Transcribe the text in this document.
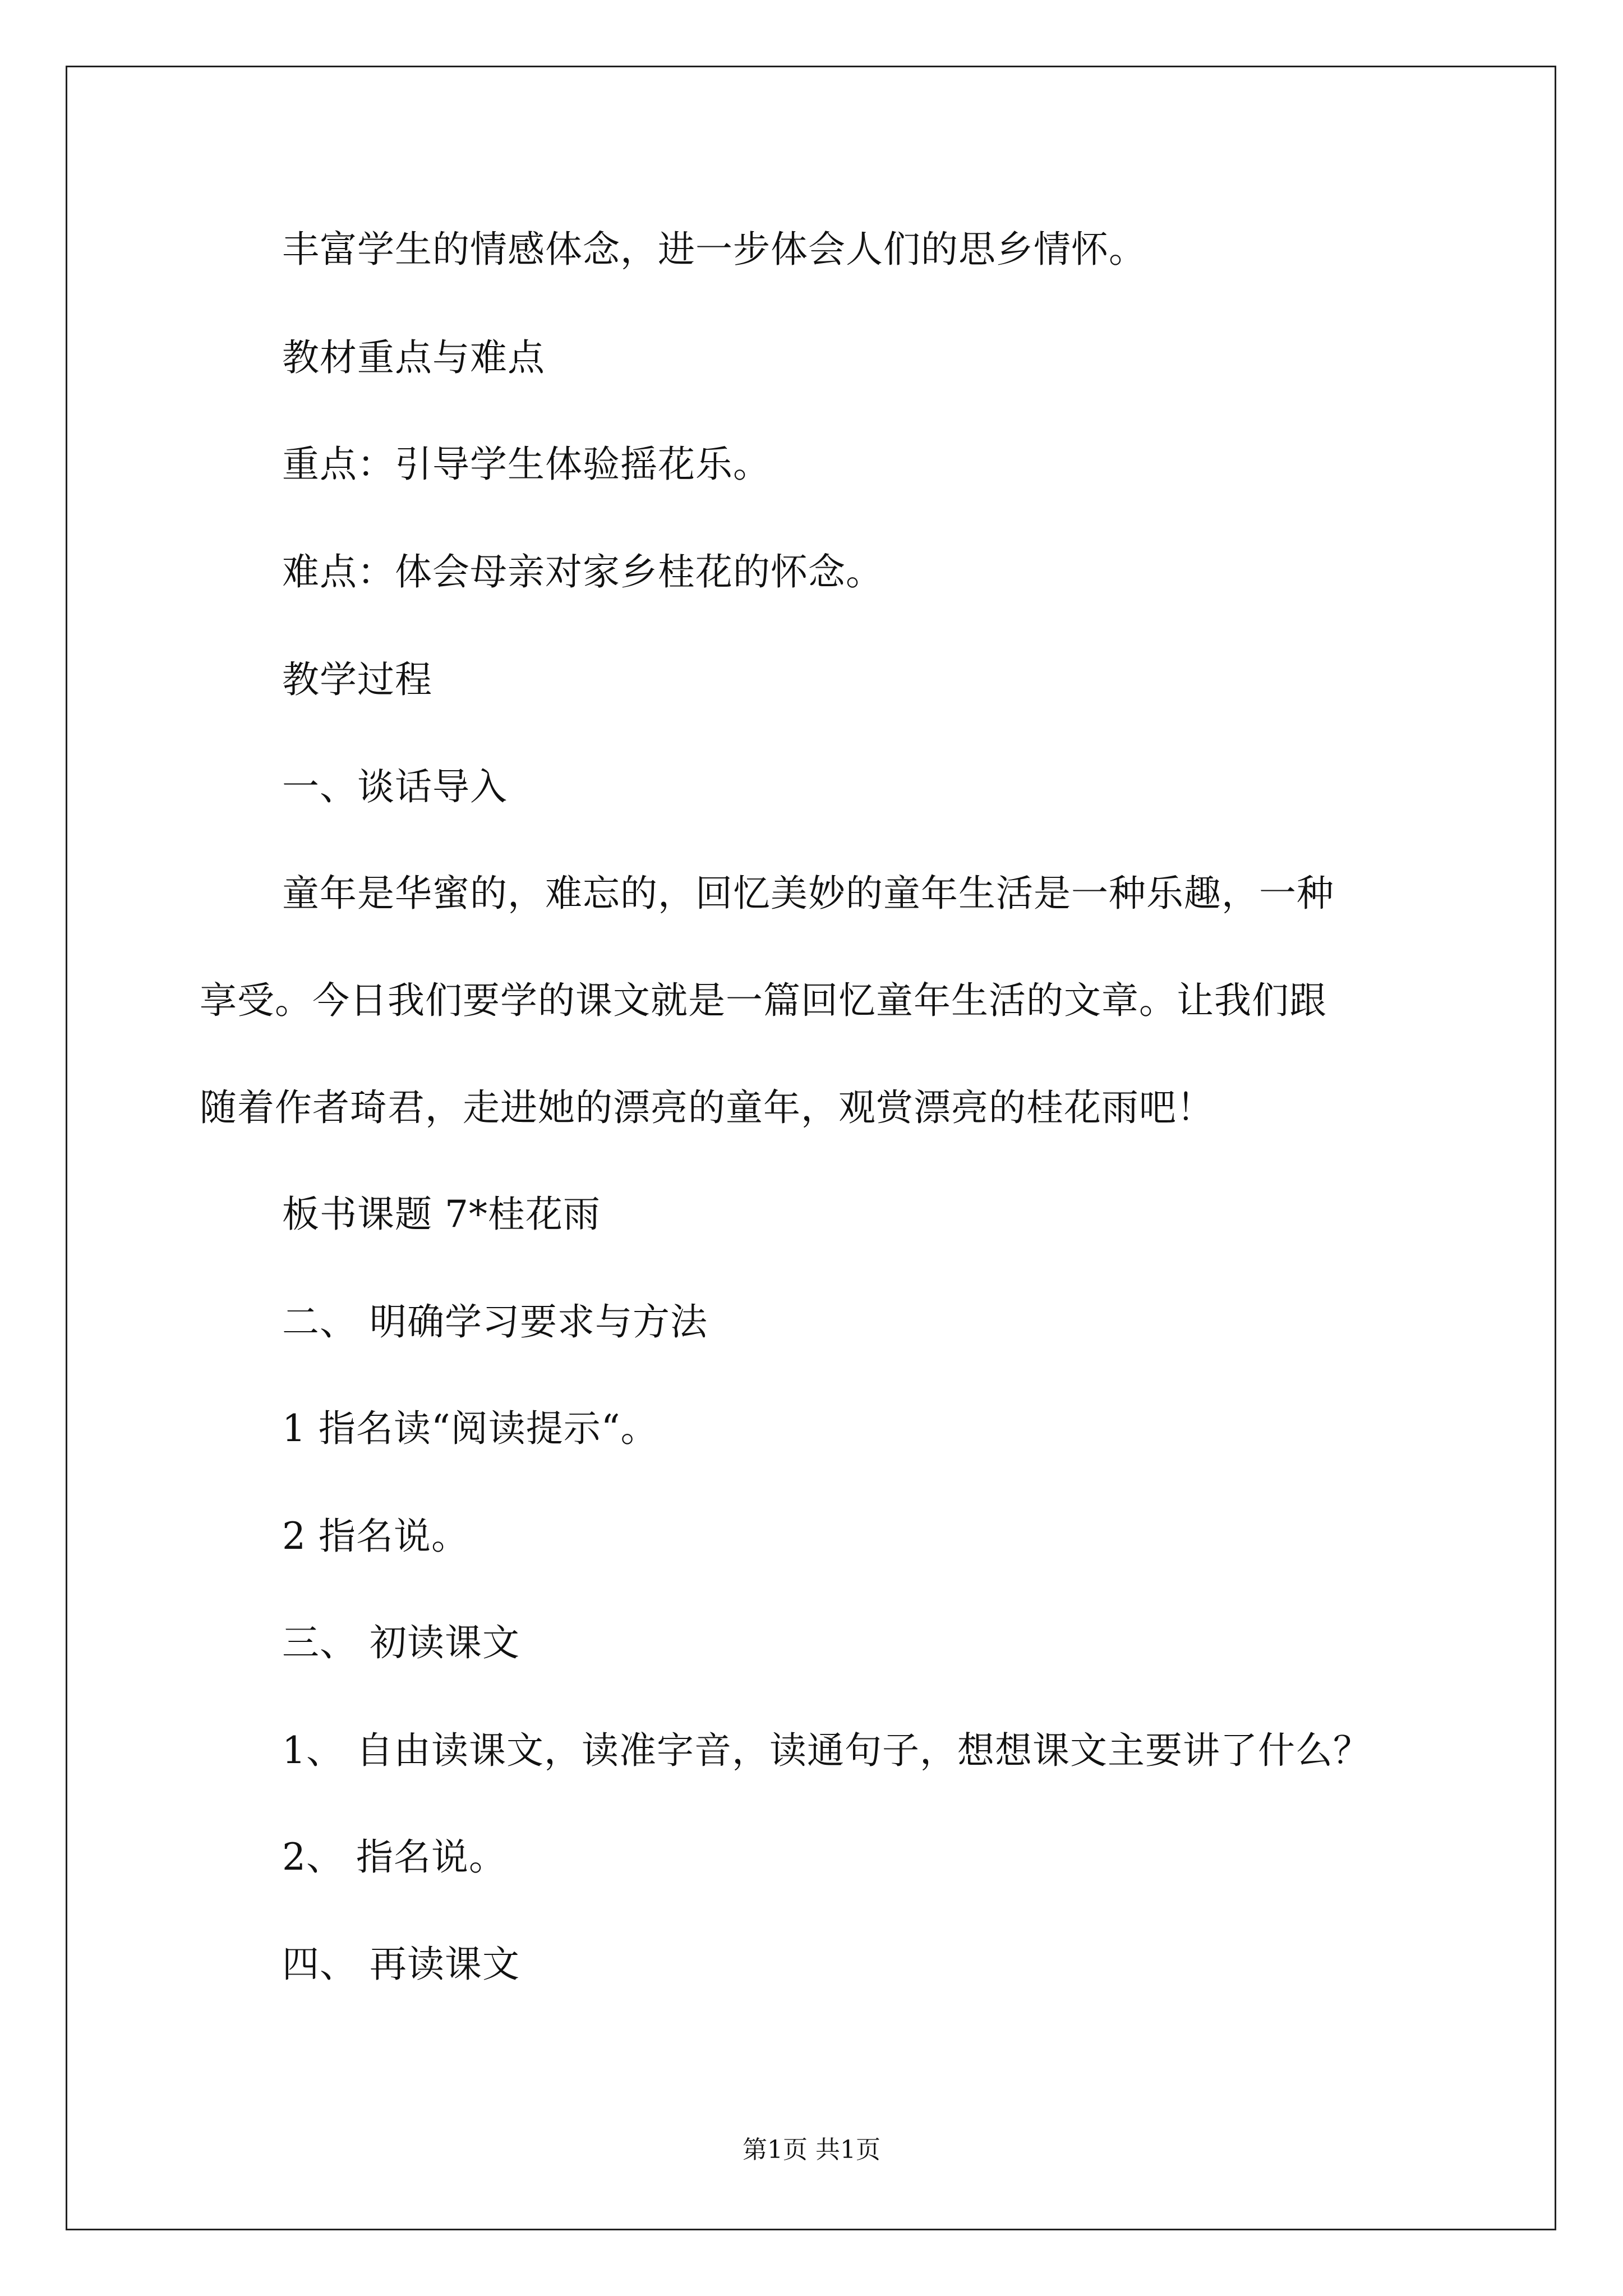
丰富学生的情感体念，进一步体会人们的思乡情怀。

教材重点与难点

重点：引导学生体验摇花乐。

难点：体会母亲对家乡桂花的怀念。

教学过程

一、谈话导入

童年是华蜜的，难忘的，回忆美妙的童年生活是一种乐趣，一种

享受。今日我们要学的课文就是一篇回忆童年生活的文章。让我们跟

随着作者琦君，走进她的漂亮的童年，观赏漂亮的桂花雨吧！

板书课题 7*桂花雨

二、 明确学习要求与方法

1 指名读“阅读提示“。

2 指名说。

三、 初读课文

1、 自由读课文，读准字音，读通句子，想想课文主要讲了什么？

2、 指名说。

四、 再读课文

第1页 共1页
